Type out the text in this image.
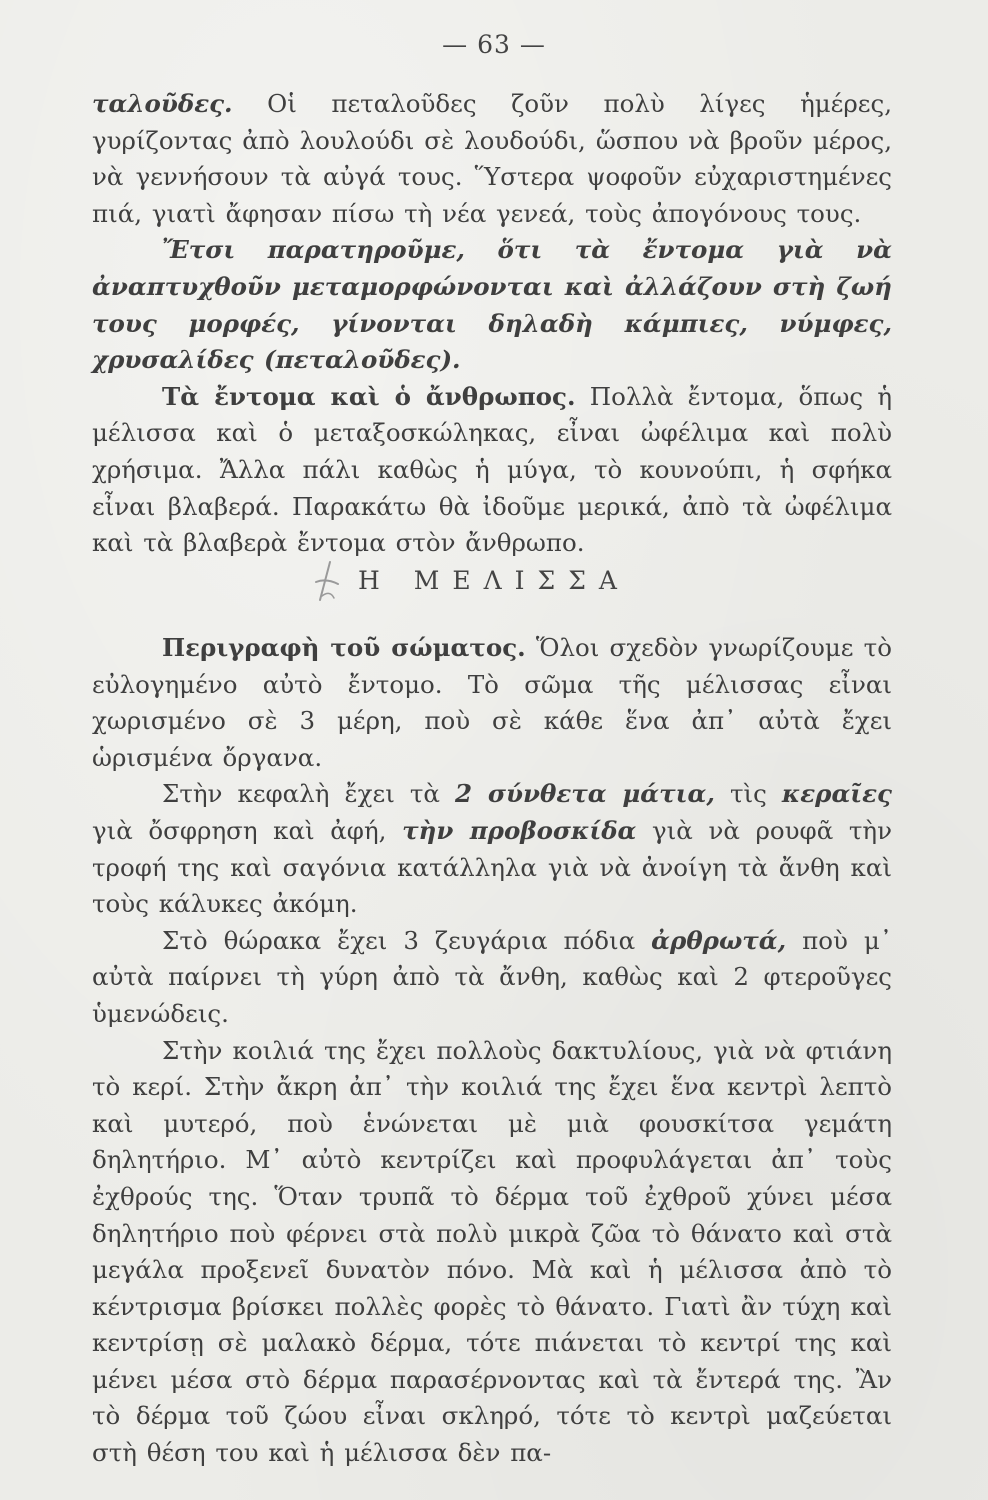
— 63 —

ταλοῦδες. Οἱ πεταλοῦδες ζοῦν πολὺ λίγες ἡμέρες, γυρίζοντας ἀπὸ λουλούδι σὲ λουδούδι, ὥσπου νὰ βροῦν μέρος, νὰ γεννήσουν τὰ αὐγά τους. Ὕστερα ψοφοῦν εὐχαριστημένες πιά, γιατὶ ἄφησαν πίσω τὴ νέα γενεά, τοὺς ἀπογόνους τους.

Ἔτσι παρατηροῦμε, ὅτι τὰ ἔντομα γιὰ νὰ ἀναπτυχθοῦν μεταμορφώνονται καὶ ἀλλάζουν στὴ ζωή τους μορφές, γίνονται δηλαδὴ κάμπιες, νύμφες, χρυσαλίδες (πεταλοῦδες).

Τὰ ἔντομα καὶ ὁ ἄνθρωπος. Πολλὰ ἔντομα, ὅπως ἡ μέλισσα καὶ ὁ μεταξοσκώληκας, εἶναι ὠφέλιμα καὶ πολὺ χρήσιμα. Ἄλλα πάλι καθὼς ἡ μύγα, τὸ κουνούπι, ἡ σφήκα εἶναι βλαβερά. Παρακάτω θὰ ἰδοῦμε μερικά, ἀπὸ τὰ ὠφέλιμα καὶ τὰ βλαβερὰ ἔντομα στὸν ἄνθρωπο.

Η ΜΕΛΙΣΣΑ

Περιγραφὴ τοῦ σώματος. Ὅλοι σχεδὸν γνωρίζουμε τὸ εὐλογημένο αὐτὸ ἔντομο. Τὸ σῶμα τῆς μέλισσας εἶναι χωρισμένο σὲ 3 μέρη, ποὺ σὲ κάθε ἕνα ἀπ᾿ αὐτὰ ἔχει ὡρισμένα ὄργανα.

Στὴν κεφαλὴ ἔχει τὰ 2 σύνθετα μάτια, τὶς κεραῖες γιὰ ὄσφρηση καὶ ἀφή, τὴν προβοσκίδα γιὰ νὰ ρουφᾶ τὴν τροφή της καὶ σαγόνια κατάλληλα γιὰ νὰ ἀνοίγη τὰ ἄνθη καὶ τοὺς κάλυκες ἀκόμη.

Στὸ θώρακα ἔχει 3 ζευγάρια πόδια ἀρθρωτά, ποὺ μ᾿ αὐτὰ παίρνει τὴ γύρη ἀπὸ τὰ ἄνθη, καθὼς καὶ 2 φτεροῦγες ὑμενώδεις.

Στὴν κοιλιά της ἔχει πολλοὺς δακτυλίους, γιὰ νὰ φτιάνη τὸ κερί. Στὴν ἄκρη ἀπ᾿ τὴν κοιλιά της ἔχει ἕνα κεντρὶ λεπτὸ καὶ μυτερό, ποὺ ἑνώνεται μὲ μιὰ φουσκίτσα γεμάτη δηλητήριο. Μ᾿ αὐτὸ κεντρίζει καὶ προφυλάγεται ἀπ᾿ τοὺς ἐχθρούς της. Ὅταν τρυπᾶ τὸ δέρμα τοῦ ἐχθροῦ χύνει μέσα δηλητήριο ποὺ φέρνει στὰ πολὺ μικρὰ ζῶα τὸ θάνατο καὶ στὰ μεγάλα προξενεῖ δυνατὸν πόνο. Μὰ καὶ ἡ μέλισσα ἀπὸ τὸ κέντρισμα βρίσκει πολλὲς φορὲς τὸ θάνατο. Γιατὶ ἂν τύχη καὶ κεντρίσῃ σὲ μαλακὸ δέρμα, τότε πιάνεται τὸ κεντρί της καὶ μένει μέσα στὸ δέρμα παρασέρνοντας καὶ τὰ ἔντερά της. Ἂν τὸ δέρμα τοῦ ζώου εἶναι σκληρό, τότε τὸ κεντρὶ μαζεύεται στὴ θέση του καὶ ἡ μέλισσα δὲν πα-
